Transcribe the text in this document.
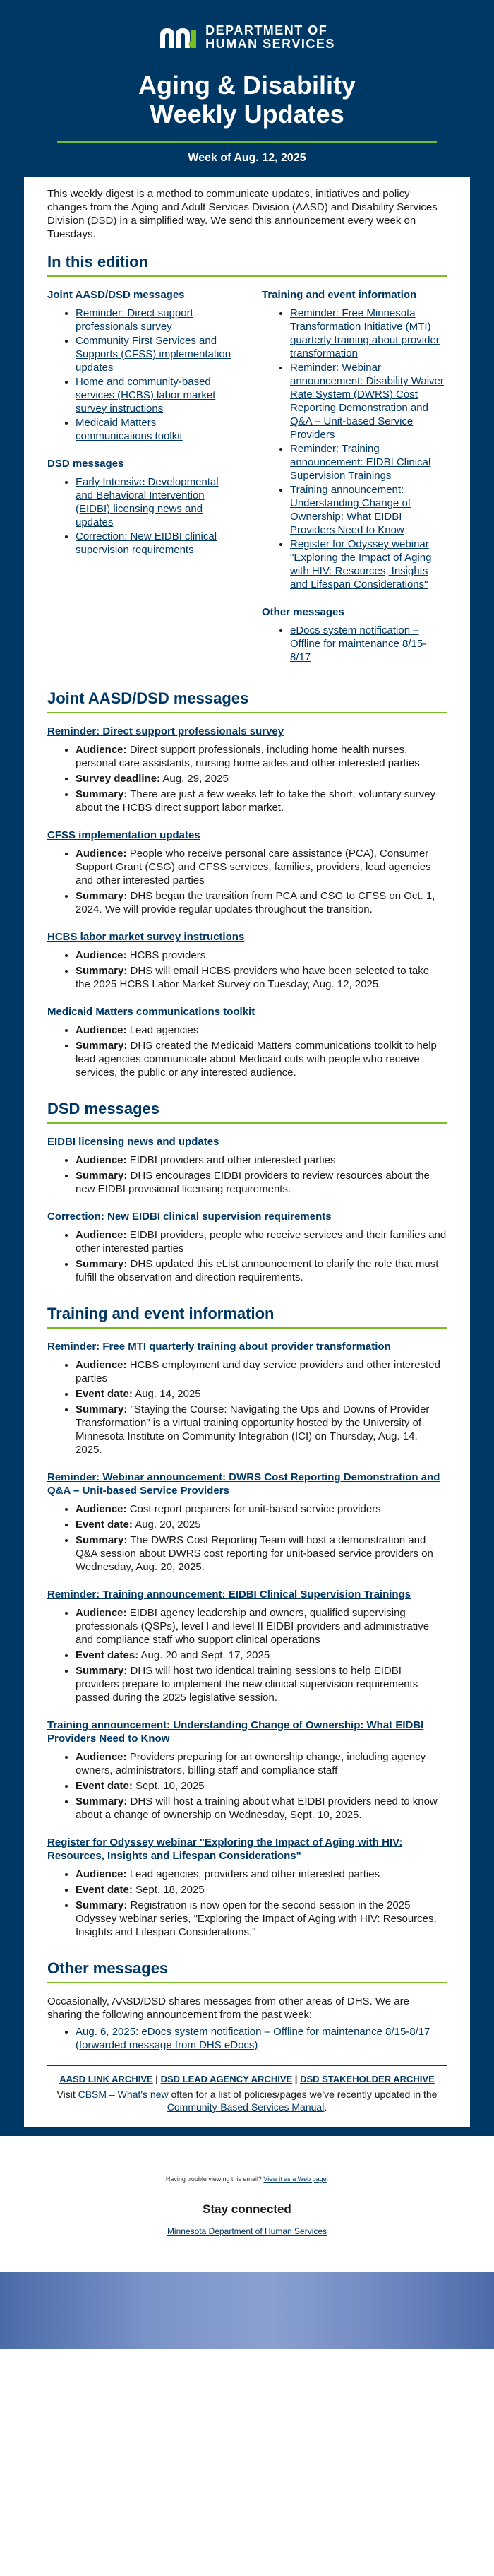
DEPARTMENT OF
HUMAN SERVICES
Aging & Disability
Weekly Updates
Week of Aug. 12, 2025

This weekly digest is a method to communicate updates, initiatives and policy changes from the Aging and Adult Services Division (AASD) and Disability Services Division (DSD) in a simplified way. We send this announcement every week on Tuesdays.

In this edition
Joint AASD/DSD messages
• Reminder: Direct support professionals survey
• Community First Services and Supports (CFSS) implementation updates
• Home and community-based services (HCBS) labor market survey instructions
• Medicaid Matters communications toolkit
DSD messages
• Early Intensive Developmental and Behavioral Intervention (EIDBI) licensing news and updates
• Correction: New EIDBI clinical supervision requirements
Training and event information
• Reminder: Free Minnesota Transformation Initiative (MTI) quarterly training about provider transformation
• Reminder: Webinar announcement: Disability Waiver Rate System (DWRS) Cost Reporting Demonstration and Q&A – Unit-based Service Providers
• Reminder: Training announcement: EIDBI Clinical Supervision Trainings
• Training announcement: Understanding Change of Ownership: What EIDBI Providers Need to Know
• Register for Odyssey webinar "Exploring the Impact of Aging with HIV: Resources, Insights and Lifespan Considerations"
Other messages
• eDocs system notification – Offline for maintenance 8/15-8/17
Joint AASD/DSD messages
Reminder: Direct support professionals survey
• Audience: Direct support professionals, including home health nurses, personal care assistants, nursing home aides and other interested parties
• Survey deadline: Aug. 29, 2025
• Summary: There are just a few weeks left to take the short, voluntary survey about the HCBS direct support labor market.
CFSS implementation updates
• Audience: People who receive personal care assistance (PCA), Consumer Support Grant (CSG) and CFSS services, families, providers, lead agencies and other interested parties
• Summary: DHS began the transition from PCA and CSG to CFSS on Oct. 1, 2024. We will provide regular updates throughout the transition.
HCBS labor market survey instructions
• Audience: HCBS providers
• Summary: DHS will email HCBS providers who have been selected to take the 2025 HCBS Labor Market Survey on Tuesday, Aug. 12, 2025.
Medicaid Matters communications toolkit
• Audience: Lead agencies
• Summary: DHS created the Medicaid Matters communications toolkit to help lead agencies communicate about Medicaid cuts with people who receive services, the public or any interested audience.
DSD messages
EIDBI licensing news and updates
• Audience: EIDBI providers and other interested parties
• Summary: DHS encourages EIDBI providers to review resources about the new EIDBI provisional licensing requirements.
Correction: New EIDBI clinical supervision requirements
• Audience: EIDBI providers, people who receive services and their families and other interested parties
• Summary: DHS updated this eList announcement to clarify the role that must fulfill the observation and direction requirements.
Training and event information
Reminder: Free MTI quarterly training about provider transformation
• Audience: HCBS employment and day service providers and other interested parties
• Event date: Aug. 14, 2025
• Summary: "Staying the Course: Navigating the Ups and Downs of Provider Transformation" is a virtual training opportunity hosted by the University of Minnesota Institute on Community Integration (ICI) on Thursday, Aug. 14, 2025.
Reminder: Webinar announcement: DWRS Cost Reporting Demonstration and Q&A – Unit-based Service Providers
• Audience: Cost report preparers for unit-based service providers
• Event date: Aug. 20, 2025
• Summary: The DWRS Cost Reporting Team will host a demonstration and Q&A session about DWRS cost reporting for unit-based service providers on Wednesday, Aug. 20, 2025.
Reminder: Training announcement: EIDBI Clinical Supervision Trainings
• Audience: EIDBI agency leadership and owners, qualified supervising professionals (QSPs), level I and level II EIDBI providers and administrative and compliance staff who support clinical operations
• Event dates: Aug. 20 and Sept. 17, 2025
• Summary: DHS will host two identical training sessions to help EIDBI providers prepare to implement the new clinical supervision requirements passed during the 2025 legislative session.
Training announcement: Understanding Change of Ownership: What EIDBI Providers Need to Know
• Audience: Providers preparing for an ownership change, including agency owners, administrators, billing staff and compliance staff
• Event date: Sept. 10, 2025
• Summary: DHS will host a training about what EIDBI providers need to know about a change of ownership on Wednesday, Sept. 10, 2025.
Register for Odyssey webinar "Exploring the Impact of Aging with HIV: Resources, Insights and Lifespan Considerations"
• Audience: Lead agencies, providers and other interested parties
• Event date: Sept. 18, 2025
• Summary: Registration is now open for the second session in the 2025 Odyssey webinar series, "Exploring the Impact of Aging with HIV: Resources, Insights and Lifespan Considerations."
Other messages

Occasionally, AASD/DSD shares messages from other areas of DHS. We are sharing the following announcement from the past week:

• Aug. 6, 2025: eDocs system notification – Offline for maintenance 8/15-8/17 (forwarded message from DHS eDocs)
AASD LINK ARCHIVE | DSD LEAD AGENCY ARCHIVE | DSD STAKEHOLDER ARCHIVE
Visit CBSM – What's new often for a list of policies/pages we've recently updated in the Community-Based Services Manual.
Having trouble viewing this email? View it as a Web page.
Stay connected
Minnesota Department of Human Services
